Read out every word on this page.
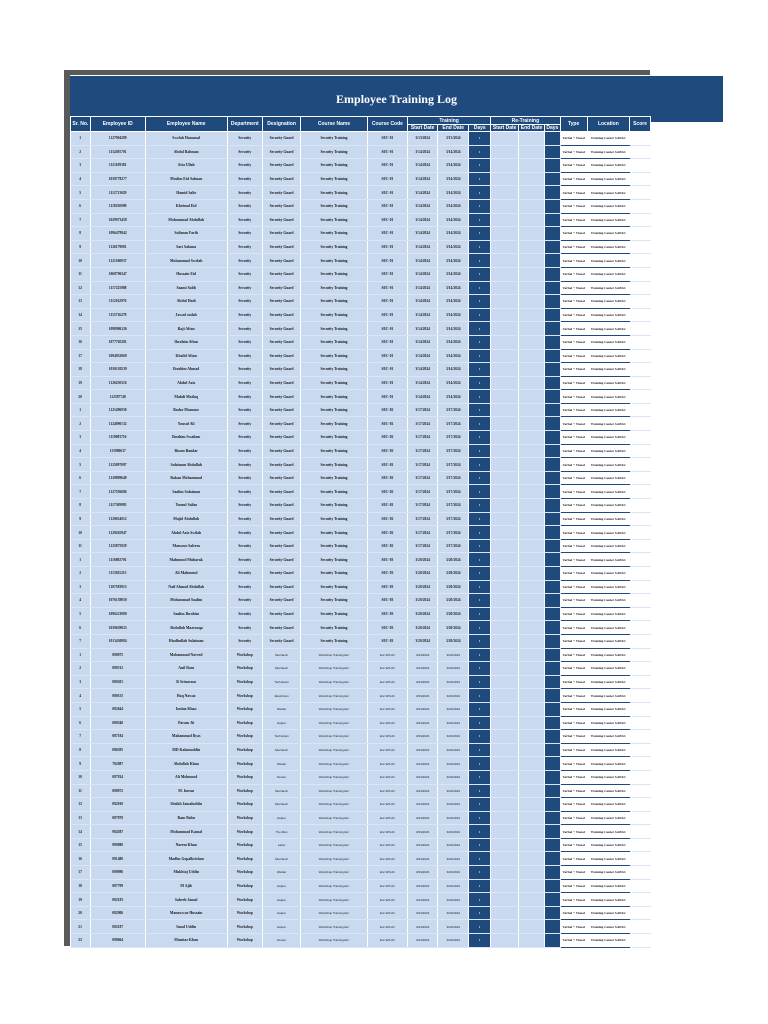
Employee Training Log
Sr. No.	Employee ID	Employee Name	Department	Designation	Course Name	Course Code	Training			Re-Training			Type	Location	Score
							Start Date	End Date	Days	Start Date	End Date	Days			
1	1127904289	Swelah Hammad	Security	Security Guard	Security Training	SEC-01	3/13/2024	3/13/2024	1				Verbal + Visual	Training Center SAPAC	
2	1114505701	Abdul Rahman	Security	Security Guard	Security Training	SEC-01	3/14/2024	3/14/2024	1				Verbal + Visual	Training Center SAPAC	
3	1121109381	Atta Ullah	Security	Security Guard	Security Training	SEC-01	3/14/2024	3/14/2024	1				Verbal + Visual	Training Center SAPAC	
4	1039778277	Moslim Eid Salman	Security	Security Guard	Security Training	SEC-01	3/14/2024	3/14/2024	1				Verbal + Visual	Training Center SAPAC	
5	1112713029	Hamid Salie	Security	Security Guard	Security Training	SEC-01	3/14/2024	3/14/2024	1				Verbal + Visual	Training Center SAPAC	
6	1118230099	Kheimal Eid	Security	Security Guard	Security Training	SEC-01	3/14/2024	3/14/2024	1				Verbal + Visual	Training Center SAPAC	
7	1029973458	Mohammad Abdullah	Security	Security Guard	Security Training	SEC-01	3/14/2024	3/14/2024	1				Verbal + Visual	Training Center SAPAC	
8	1096479942	Suliman Farih	Security	Security Guard	Security Training	SEC-01	3/14/2024	3/14/2024	1				Verbal + Visual	Training Center SAPAC	
9	1126179081	Sari Salama	Security	Security Guard	Security Training	SEC-01	3/14/2024	3/14/2024	1				Verbal + Visual	Training Center SAPAC	
10	1121560037	Mohammad Swelah	Security	Security Guard	Security Training	SEC-01	3/14/2024	3/14/2024	1				Verbal + Visual	Training Center SAPAC	
11	1068796347	Hussain Eid	Security	Security Guard	Security Training	SEC-01	3/14/2024	3/14/2024	1				Verbal + Visual	Training Center SAPAC	
12	1117225988	Saami Salih	Security	Security Guard	Security Training	SEC-01	3/14/2024	3/14/2024	1				Verbal + Visual	Training Center SAPAC	
13	1112162976	Abdul Hadi	Security	Security Guard	Security Training	SEC-01	3/14/2024	3/14/2024	1				Verbal + Visual	Training Center SAPAC	
14	1115716278	Jawad sudah	Security	Security Guard	Security Training	SEC-01	3/14/2024	3/14/2024	1				Verbal + Visual	Training Center SAPAC	
15	1098986126	Raji Aftan	Security	Security Guard	Security Training	SEC-01	3/14/2024	3/14/2024	1				Verbal + Visual	Training Center SAPAC	
16	1077765281	Ibrahim Aftan	Security	Security Guard	Security Training	SEC-01	3/14/2024	3/14/2024	1				Verbal + Visual	Training Center SAPAC	
17	1094932068	Khalid Aftan	Security	Security Guard	Security Training	SEC-01	3/14/2024	3/14/2024	1				Verbal + Visual	Training Center SAPAC	
18	1030120239	Ibrahim Ahmad	Security	Security Guard	Security Training	SEC-01	3/14/2024	3/14/2024	1				Verbal + Visual	Training Center SAPAC	
19	1126250316	Abdul Aziz	Security	Security Guard	Security Training	SEC-01	3/14/2024	3/14/2024	1				Verbal + Visual	Training Center SAPAC	
20	112587748	Mahdi Matlaq	Security	Security Guard	Security Training	SEC-01	3/14/2024	3/14/2024	1				Verbal + Visual	Training Center SAPAC	
1	1121496930	Badar Mansour	Security	Security Guard	Security Training	SEC-02	3/17/2024	3/17/2024	1				Verbal + Visual	Training Center SAPAC	
2	1124990132	Yousuf Ali	Security	Security Guard	Security Training	SEC-02	3/17/2024	3/17/2024	1				Verbal + Visual	Training Center SAPAC	
3	1119083716	Ibrahim Swailam	Security	Security Guard	Security Training	SEC-02	3/17/2024	3/17/2024	1				Verbal + Visual	Training Center SAPAC	
4	115980637	Bisom Bandar	Security	Security Guard	Security Training	SEC-02	3/17/2024	3/17/2024	1				Verbal + Visual	Training Center SAPAC	
5	1125097097	Sulaiman Abdullah	Security	Security Guard	Security Training	SEC-02	3/17/2024	3/17/2024	1				Verbal + Visual	Training Center SAPAC	
6	1120809649	Rakan Mohammad	Security	Security Guard	Security Training	SEC-02	3/17/2024	3/17/2024	1				Verbal + Visual	Training Center SAPAC	
7	1127556686	Saalim Sulaiman	Security	Security Guard	Security Training	SEC-02	3/17/2024	3/17/2024	1				Verbal + Visual	Training Center SAPAC	
8	1117309995	Yousuf Salim	Security	Security Guard	Security Training	SEC-02	3/17/2024	3/17/2024	1				Verbal + Visual	Training Center SAPAC	
9	1120654012	Majid Abdullah	Security	Security Guard	Security Training	SEC-02	3/17/2024	3/17/2024	1				Verbal + Visual	Training Center SAPAC	
10	1129265947	Abdul Aziz Swilah	Security	Security Guard	Security Training	SEC-02	3/17/2024	3/17/2024	1				Verbal + Visual	Training Center SAPAC	
11	1125875929	Mansour Saleem	Security	Security Guard	Security Training	SEC-02	3/17/2024	3/17/2024	1				Verbal + Visual	Training Center SAPAC	
1	1116892701	Mahmoud Mubarak	Security	Security Guard	Security Training	SEC-03	3/20/2024	3/20/2024	1				Verbal + Visual	Training Center SAPAC	
2	1113925215	Ali Mahmoud	Security	Security Guard	Security Training	SEC-03	3/20/2024	3/20/2024	1				Verbal + Visual	Training Center SAPAC	
3	1107583913	Naif Ahmad Abdullah	Security	Security Guard	Security Training	SEC-03	3/20/2024	3/20/2024	1				Verbal + Visual	Training Center SAPAC	
4	1076139050	Mohammad Saalim	Security	Security Guard	Security Training	SEC-03	3/20/2024	3/20/2024	1				Verbal + Visual	Training Center SAPAC	
5	1096221080	Saalim Ibrahim	Security	Security Guard	Security Training	SEC-03	3/20/2024	3/20/2024	1				Verbal + Visual	Training Center SAPAC	
6	1030639025	Abdullah Mazrouqa	Security	Security Guard	Security Training	SEC-03	3/20/2024	3/20/2024	1				Verbal + Visual	Training Center SAPAC	
7	1013430084	Hiadhullah Sulaiman	Security	Security Guard	Security Training	SEC-03	3/20/2024	3/20/2024	1				Verbal + Visual	Training Center SAPAC	
1	080075	Mohammad Naveed	Workshop	Mechanic	Workshop Training Enr	Enr-WS-01	3/24/2024	3/24/2024	1				Verbal + Visual	Training Center SAPAC	
2	080512	Anil Ram	Workshop	Mechanic	Workshop Training Enr	Enr-WS-01	3/24/2024	3/24/2024	1				Verbal + Visual	Training Center SAPAC	
3	080201	R Srinavasu	Workshop	Technician	Workshop Training Enr	Enr-WS-01	3/24/2024	3/24/2024	1				Verbal + Visual	Training Center SAPAC	
4	080155	Haq Nawaz	Workshop	Electrician	Workshop Training Enr	Enr-WS-01	3/24/2024	3/24/2024	1				Verbal + Visual	Training Center SAPAC	
5	082644	Imtiaz Khan	Workshop	Welder	Workshop Training Enr	Enr-WS-01	3/24/2024	3/24/2024	1				Verbal + Visual	Training Center SAPAC	
6	080540	Param Jit	Workshop	Helper	Workshop Training Enr	Enr-WS-01	3/24/2024	3/24/2024	1				Verbal + Visual	Training Center SAPAC	
7	087184	Mahammad Ilyas	Workshop	Technician	Workshop Training Enr	Enr-WS-01	3/24/2024	3/24/2024	1				Verbal + Visual	Training Center SAPAC	
8	086395	MD Kalamuddin	Workshop	Mechanic	Workshop Training Enr	Enr-WS-01	3/24/2024	3/24/2024	1				Verbal + Visual	Training Center SAPAC	
9	782087	Abdullah Khan	Workshop	Welder	Workshop Training Enr	Enr-WS-01	3/24/2024	3/24/2024	1				Verbal + Visual	Training Center SAPAC	
10	087814	Ali Mehmood	Workshop	Denter	Workshop Training Enr	Enr-WS-01	3/24/2024	3/24/2024	1				Verbal + Visual	Training Center SAPAC	
11	088072	M. Imran	Workshop	Mechanic	Workshop Training Enr	Enr-WS-01	3/24/2024	3/24/2024	1				Verbal + Visual	Training Center SAPAC	
12	082010	Sheikh Jamaluddin	Workshop	Mechanic	Workshop Training Enr	Enr-WS-01	3/24/2024	3/24/2024	1				Verbal + Visual	Training Center SAPAC	
13	087870	Ram Babu	Workshop	Helper	Workshop Training Enr	Enr-WS-01	3/24/2024	3/24/2024	1				Verbal + Visual	Training Center SAPAC	
14	984587	Mohammad Kamal	Workshop	Tire Man	Workshop Training Enr	Enr-WS-01	3/24/2024	3/24/2024	1				Verbal + Visual	Training Center SAPAC	
15	980980	Naeem Khan	Workshop	Labor	Workshop Training Enr	Enr-WS-01	3/24/2024	3/24/2024	1				Verbal + Visual	Training Center SAPAC	
16	081480	Madhu Gopalkrishan	Workshop	Mechanic	Workshop Training Enr	Enr-WS-01	3/24/2024	3/24/2024	1				Verbal + Visual	Training Center SAPAC	
17	080986	Mukhtaj Uddin	Workshop	Welder	Workshop Training Enr	Enr-WS-01	3/24/2024	3/24/2024	1				Verbal + Visual	Training Center SAPAC	
18	087709	M Ajib	Workshop	Helper	Workshop Training Enr	Enr-WS-01	3/24/2024	3/24/2024	1				Verbal + Visual	Training Center SAPAC	
19	082183	Saheeb Jamal	Workshop	Helper	Workshop Training Enr	Enr-WS-01	3/24/2024	3/24/2024	1				Verbal + Visual	Training Center SAPAC	
20	082906	Manawwar Hussain	Workshop	Helper	Workshop Training Enr	Enr-WS-01	3/24/2024	3/24/2024	1				Verbal + Visual	Training Center SAPAC	
21	082187	Imad Uddin	Workshop	Helper	Workshop Training Enr	Enr-WS-01	3/24/2024	3/24/2024	1				Verbal + Visual	Training Center SAPAC	
22	080664	Mumtaz Khan	Workshop	Denter	Workshop Training Enr	Enr-WS-01	3/24/2024	3/24/2024	1				Verbal + Visual	Training Center SAPAC	
